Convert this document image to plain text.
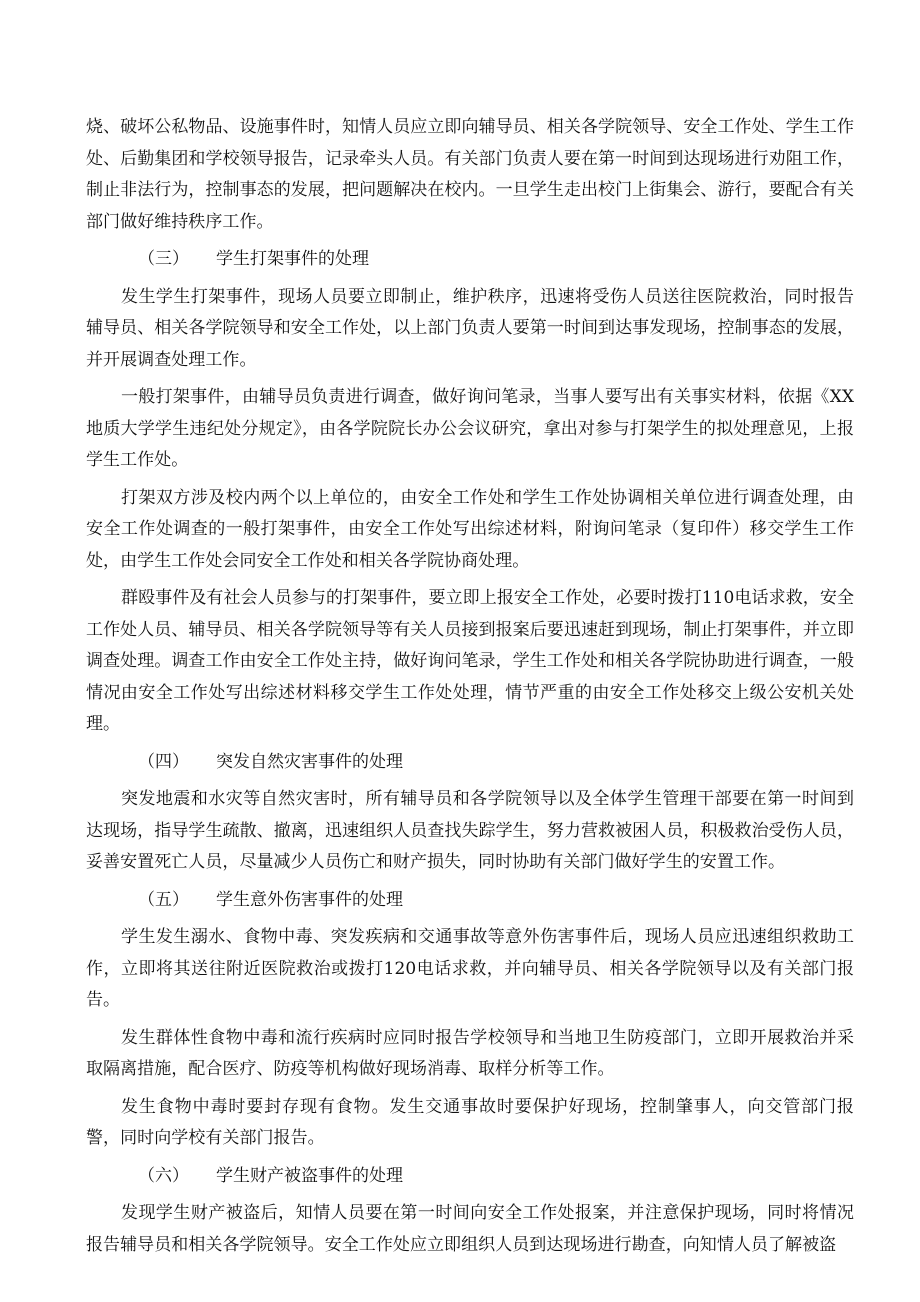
烧、破坏公私物品、设施事件时，知情人员应立即向辅导员、相关各学院领导、安全工作处、学生工作处、后勤集团和学校领导报告，记录牵头人员。有关部门负责人要在第一时间到达现场进行劝阻工作，制止非法行为，控制事态的发展，把问题解决在校内。一旦学生走出校门上街集会、游行，要配合有关部门做好维持秩序工作。

（三）	学生打架事件的处理

发生学生打架事件，现场人员要立即制止，维护秩序，迅速将受伤人员送往医院救治，同时报告辅导员、相关各学院领导和安全工作处，以上部门负责人要第一时间到达事发现场，控制事态的发展，并开展调查处理工作。

一般打架事件，由辅导员负责进行调查，做好询问笔录，当事人要写出有关事实材料，依据《XX地质大学学生违纪处分规定》，由各学院院长办公会议研究，拿出对参与打架学生的拟处理意见，上报学生工作处。

打架双方涉及校内两个以上单位的，由安全工作处和学生工作处协调相关单位进行调查处理，由安全工作处调查的一般打架事件，由安全工作处写出综述材料，附询问笔录（复印件）移交学生工作处，由学生工作处会同安全工作处和相关各学院协商处理。

群殴事件及有社会人员参与的打架事件，要立即上报安全工作处，必要时拨打110电话求救，安全工作处人员、辅导员、相关各学院领导等有关人员接到报案后要迅速赶到现场，制止打架事件，并立即调查处理。调查工作由安全工作处主持，做好询问笔录，学生工作处和相关各学院协助进行调查，一般情况由安全工作处写出综述材料移交学生工作处处理，情节严重的由安全工作处移交上级公安机关处理。

（四）	突发自然灾害事件的处理

突发地震和水灾等自然灾害时，所有辅导员和各学院领导以及全体学生管理干部要在第一时间到达现场，指导学生疏散、撤离，迅速组织人员查找失踪学生，努力营救被困人员，积极救治受伤人员，妥善安置死亡人员，尽量减少人员伤亡和财产损失，同时协助有关部门做好学生的安置工作。

（五）	学生意外伤害事件的处理

学生发生溺水、食物中毒、突发疾病和交通事故等意外伤害事件后，现场人员应迅速组织救助工作，立即将其送往附近医院救治或拨打120电话求救，并向辅导员、相关各学院领导以及有关部门报告。

发生群体性食物中毒和流行疾病时应同时报告学校领导和当地卫生防疫部门，立即开展救治并采取隔离措施，配合医疗、防疫等机构做好现场消毒、取样分析等工作。

发生食物中毒时要封存现有食物。发生交通事故时要保护好现场，控制肇事人，向交管部门报警，同时向学校有关部门报告。

（六）	学生财产被盗事件的处理

发现学生财产被盗后，知情人员要在第一时间向安全工作处报案，并注意保护现场，同时将情况报告辅导员和相关各学院领导。安全工作处应立即组织人员到达现场进行勘查，向知情人员了解被盗
